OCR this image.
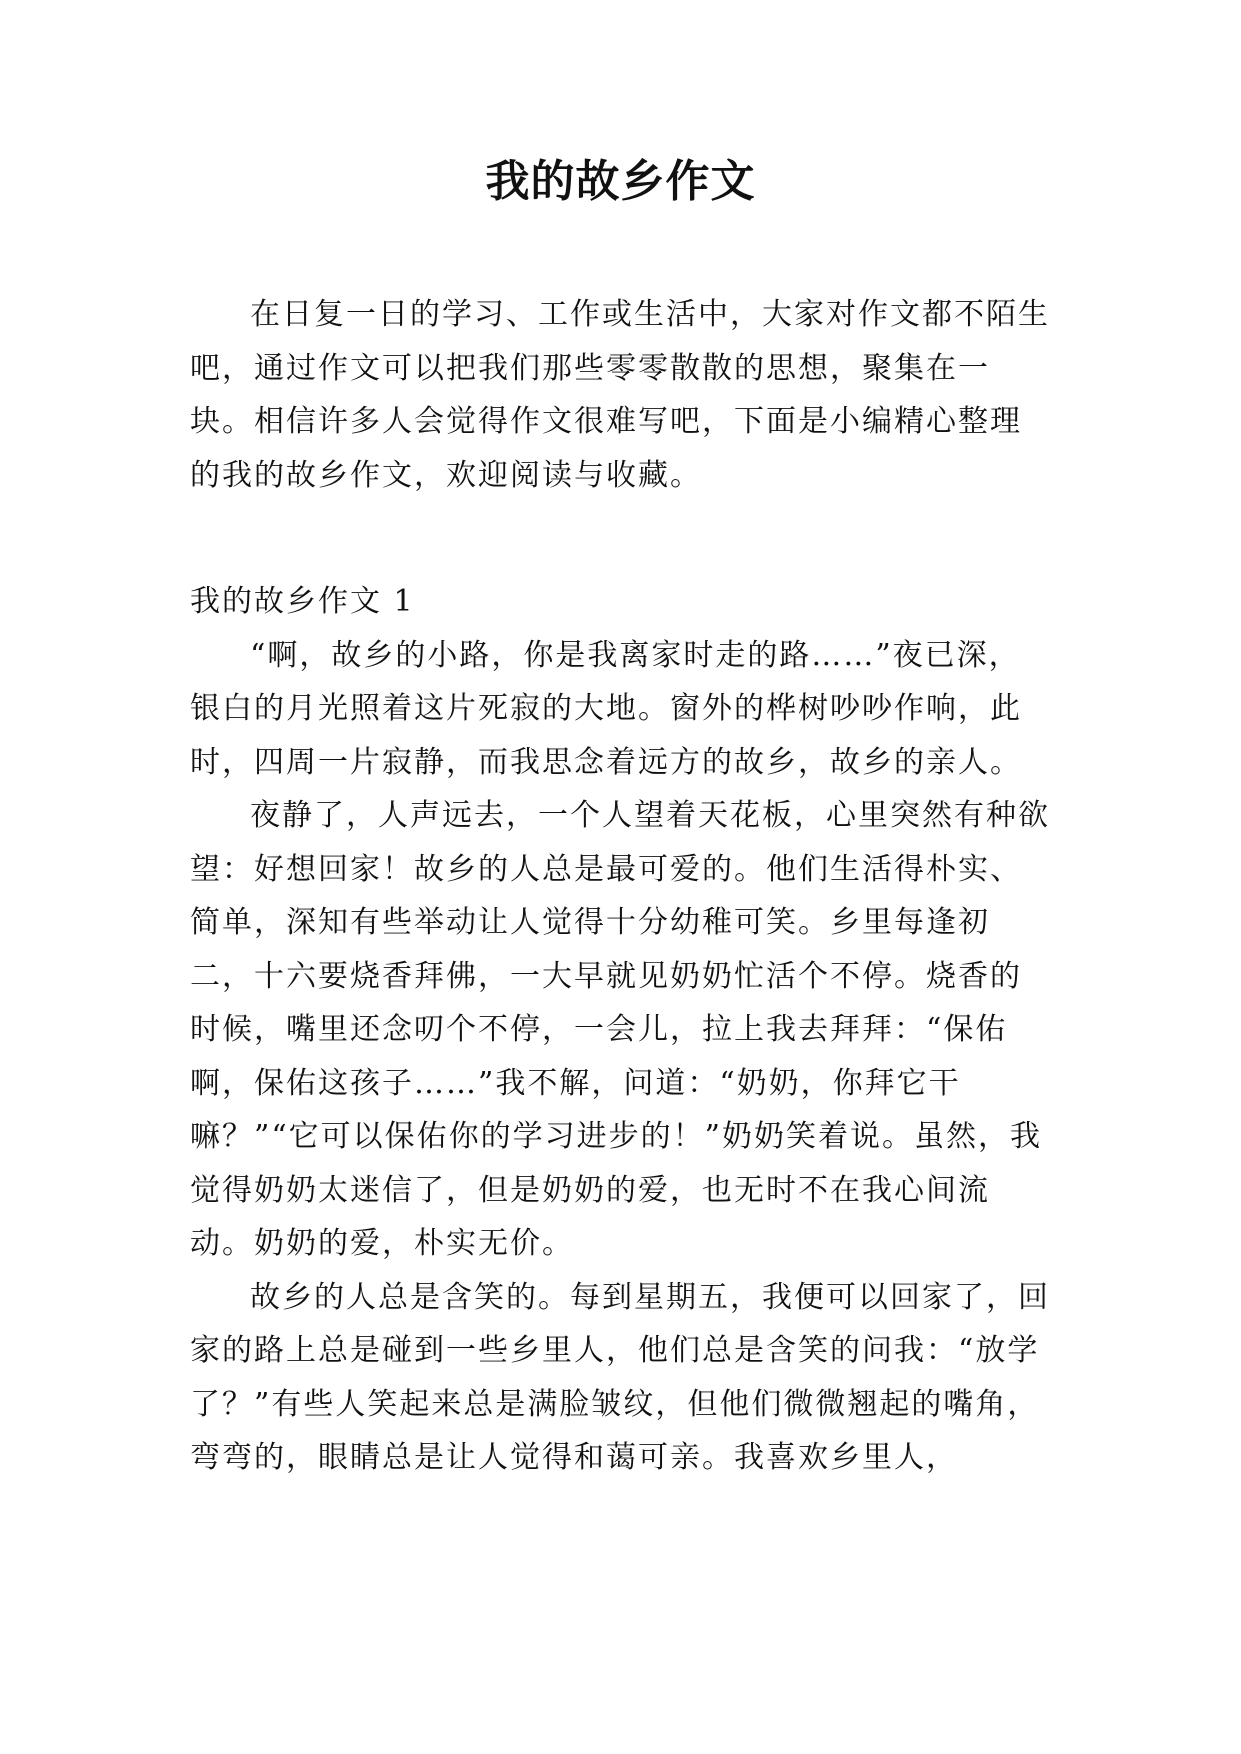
我的故乡作文

在日复一日的学习、工作或生活中，大家对作文都不陌生吧，通过作文可以把我们那些零零散散的思想，聚集在一块。相信许多人会觉得作文很难写吧，下面是小编精心整理的我的故乡作文，欢迎阅读与收藏。

我的故乡作文 1

“啊，故乡的小路，你是我离家时走的路……”夜已深，银白的月光照着这片死寂的大地。窗外的桦树吵吵作响，此时，四周一片寂静，而我思念着远方的故乡，故乡的亲人。

夜静了，人声远去，一个人望着天花板，心里突然有种欲望：好想回家！故乡的人总是最可爱的。他们生活得朴实、简单，深知有些举动让人觉得十分幼稚可笑。乡里每逢初二，十六要烧香拜佛，一大早就见奶奶忙活个不停。烧香的时候，嘴里还念叨个不停，一会儿，拉上我去拜拜：“保佑啊，保佑这孩子……”我不解，问道：“奶奶，你拜它干嘛？”“它可以保佑你的学习进步的！”奶奶笑着说。虽然，我觉得奶奶太迷信了，但是奶奶的爱，也无时不在我心间流动。奶奶的爱，朴实无价。

故乡的人总是含笑的。每到星期五，我便可以回家了，回家的路上总是碰到一些乡里人，他们总是含笑的问我：“放学了？”有些人笑起来总是满脸皱纹，但他们微微翘起的嘴角，弯弯的，眼睛总是让人觉得和蔼可亲。我喜欢乡里人，
